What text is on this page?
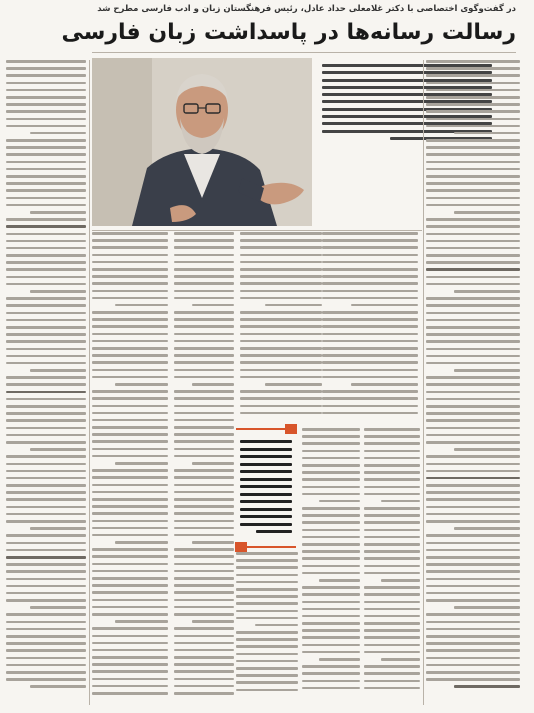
در گفت‌وگوی اختصاصی با دکتر غلامعلی حداد عادل، رئیس فرهنگستان زبان و ادب فارسی مطرح شد
رسالت رسانه‌ها در پاسداشت زبان فارسی
